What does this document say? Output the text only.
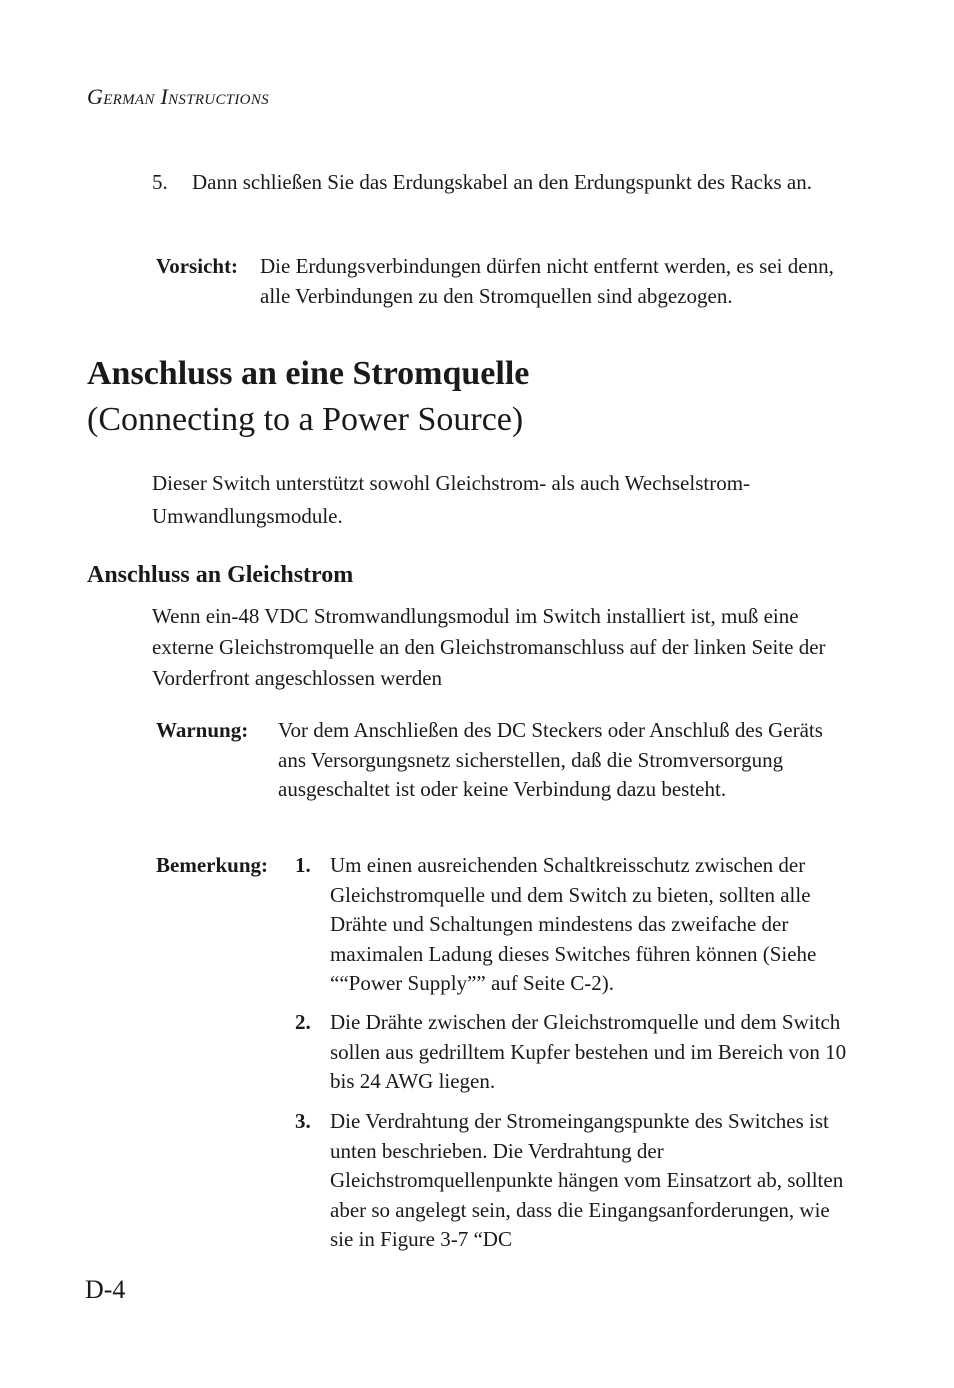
German Instructions
5. Dann schließen Sie das Erdungskabel an den Erdungspunkt des Racks an.
Vorsicht: Die Erdungsverbindungen dürfen nicht entfernt werden, es sei denn, alle Verbindungen zu den Stromquellen sind abgezogen.
Anschluss an eine Stromquelle
(Connecting to a Power Source)
Dieser Switch unterstützt sowohl Gleichstrom- als auch Wechselstrom-Umwandlungsmodule.
Anschluss an Gleichstrom
Wenn ein-48 VDC Stromwandlungsmodul im Switch installiert ist, muß eine externe Gleichstromquelle an den Gleichstromanschluss auf der linken Seite der Vorderfront angeschlossen werden
Warnung: Vor dem Anschließen des DC Steckers oder Anschluß des Geräts ans Versorgungsnetz sicherstellen, daß die Stromversorgung ausgeschaltet ist oder keine Verbindung dazu besteht.
Bemerkung: 1. Um einen ausreichenden Schaltkreisschutz zwischen der Gleichstromquelle und dem Switch zu bieten, sollten alle Drähte und Schaltungen mindestens das zweifache der maximalen Ladung dieses Switches führen können (Siehe ““Power Supply”” auf Seite C-2).
2. Die Drähte zwischen der Gleichstromquelle und dem Switch sollen aus gedrilltem Kupfer bestehen und im Bereich von 10 bis 24 AWG liegen.
3. Die Verdrahtung der Stromeingangspunkte des Switches ist unten beschrieben. Die Verdrahtung der Gleichstromquellenpunkte hängen vom Einsatzort ab, sollten aber so angelegt sein, dass die Eingangsanforderungen, wie sie in Figure 3-7 “DC
D-4
